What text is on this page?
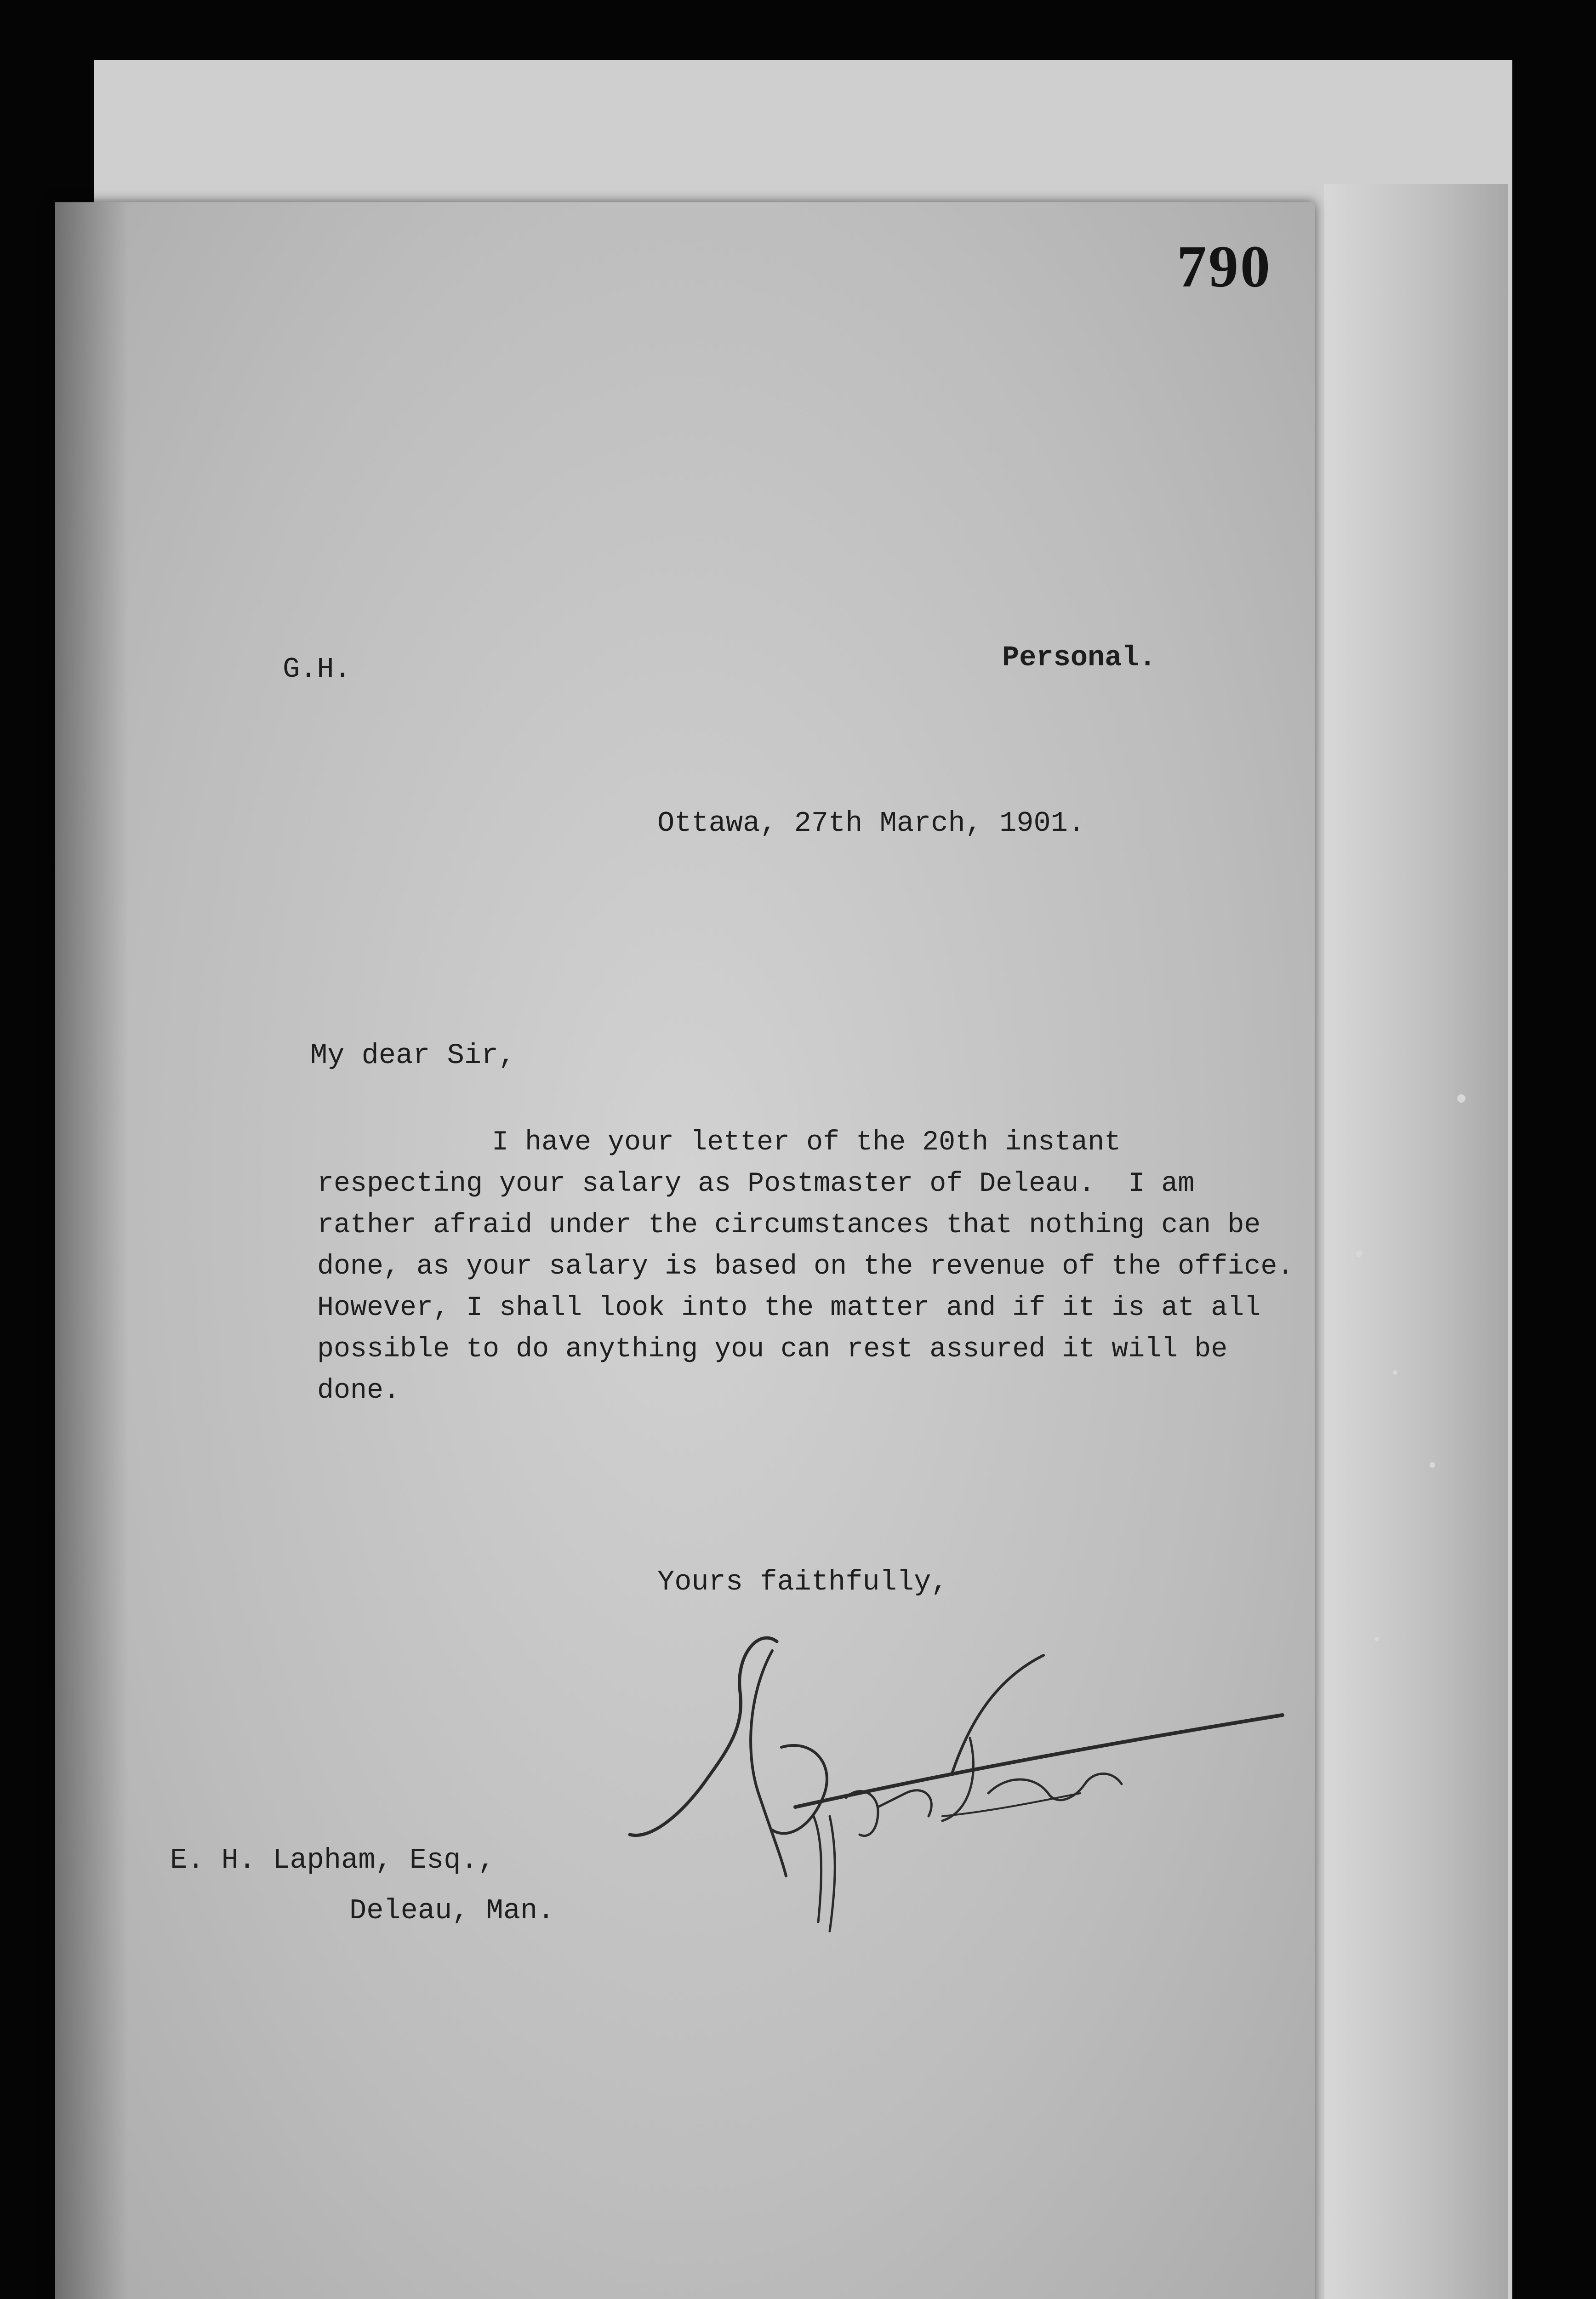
790
G.H.	Personal.
Ottawa, 27th March, 1901.
My dear Sir,
I have your letter of the 20th instant
respecting your salary as Postmaster of Deleau.  I am
rather afraid under the circumstances that nothing can be
done, as your salary is based on the revenue of the office.
However, I shall look into the matter and if it is at all
possible to do anything you can rest assured it will be
done.
Yours faithfully,
E. H. Lapham, Esq.,
Deleau, Man.
